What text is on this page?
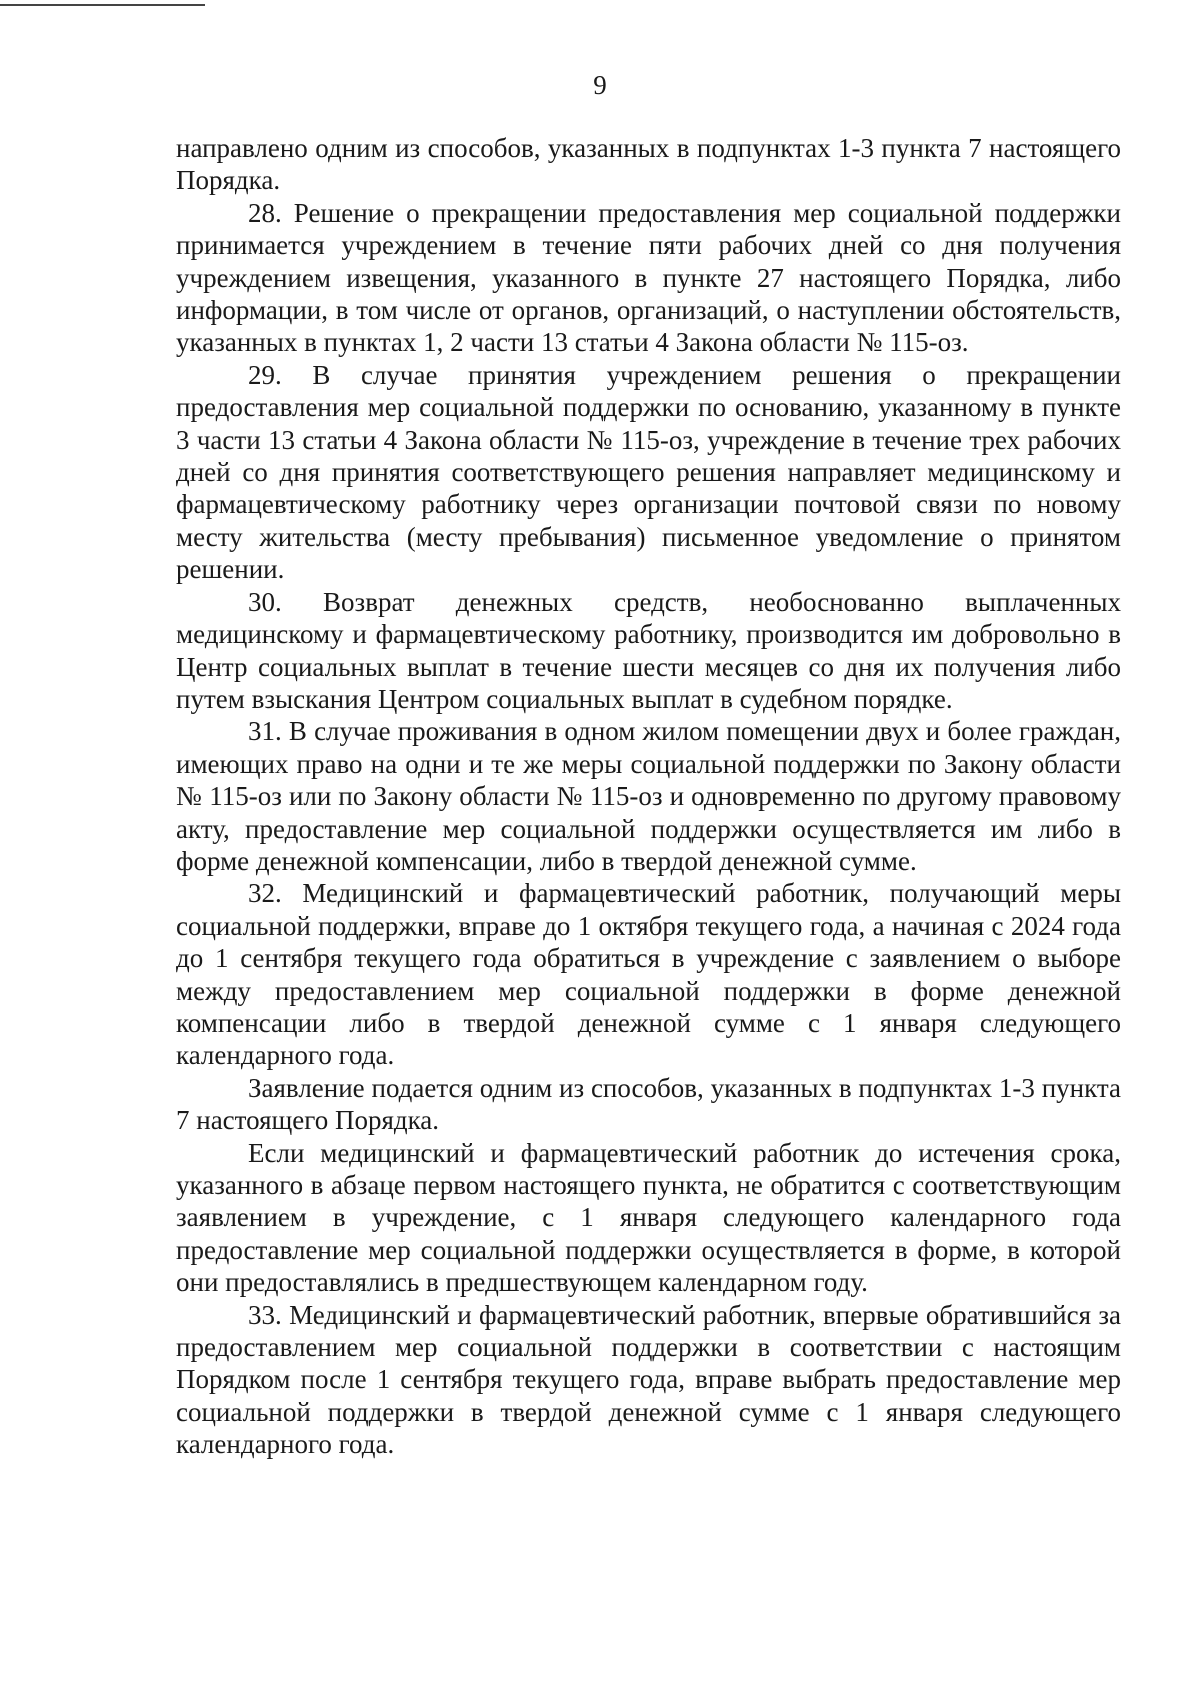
9

направлено одним из способов, указанных в подпунктах 1-3 пункта 7 настоящего Порядка.

28. Решение о прекращении предоставления мер социальной поддержки принимается учреждением в течение пяти рабочих дней со дня получения учреждением извещения, указанного в пункте 27 настоящего Порядка, либо информации, в том числе от органов, организаций, о наступлении обстоятельств, указанных в пунктах 1, 2 части 13 статьи 4 Закона области № 115-оз.

29. В случае принятия учреждением решения о прекращении предоставления мер социальной поддержки по основанию, указанному в пункте 3 части 13 статьи 4 Закона области № 115-оз, учреждение в течение трех рабочих дней со дня принятия соответствующего решения направляет медицинскому и фармацевтическому работнику через организации почтовой связи по новому месту жительства (месту пребывания) письменное уведомление о принятом решении.

30. Возврат денежных средств, необоснованно выплаченных медицинскому и фармацевтическому работнику, производится им добровольно в Центр социальных выплат в течение шести месяцев со дня их получения либо путем взыскания Центром социальных выплат в судебном порядке.

31. В случае проживания в одном жилом помещении двух и более граждан, имеющих право на одни и те же меры социальной поддержки по Закону области № 115-оз или по Закону области № 115-оз и одновременно по другому правовому акту, предоставление мер социальной поддержки осуществляется им либо в форме денежной компенсации, либо в твердой денежной сумме.

32. Медицинский и фармацевтический работник, получающий меры социальной поддержки, вправе до 1 октября текущего года, а начиная с 2024 года до 1 сентября текущего года обратиться в учреждение с заявлением о выборе между предоставлением мер социальной поддержки в форме денежной компенсации либо в твердой денежной сумме с 1 января следующего календарного года.

Заявление подается одним из способов, указанных в подпунктах 1-3 пункта 7 настоящего Порядка.

Если медицинский и фармацевтический работник до истечения срока, указанного в абзаце первом настоящего пункта, не обратится с соответствующим заявлением в учреждение, с 1 января следующего календарного года предоставление мер социальной поддержки осуществляется в форме, в которой они предоставлялись в предшествующем календарном году.

33. Медицинский и фармацевтический работник, впервые обратившийся за предоставлением мер социальной поддержки в соответствии с настоящим Порядком после 1 сентября текущего года, вправе выбрать предоставление мер социальной поддержки в твердой денежной сумме с 1 января следующего календарного года.
